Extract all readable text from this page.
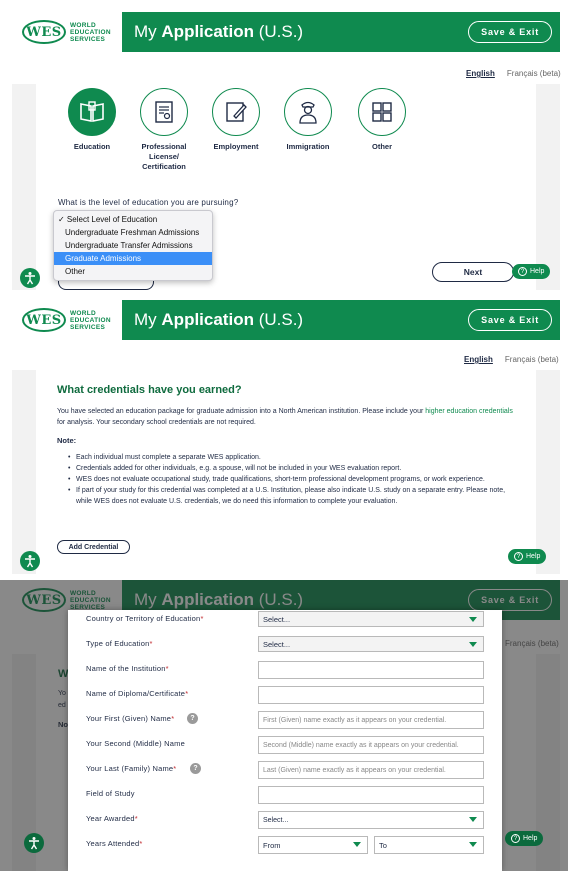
WES	WORLD
EDUCATION
SERVICES	My Application (U.S.)	Save & Exit
English Français (beta)
Education	Professional License/ Certification
Employment	Immigration	Other
What is the level of education you are pursuing?
✓ Select Level of Education
Undergraduate Freshman Admissions
Undergraduate Transfer Admissions
Graduate Admissions
Other	Next	? Help
WES	WORLD
EDUCATION
SERVICES	My Application (U.S.)	Save & Exit
English Français (beta)
What credentials have you earned?
You have selected an education package for graduate admission into a North American institution. Please include your higher education credentials for analysis. Your secondary school credentials are not required.
Note:
• Each individual must complete a separate WES application.
• Credentials added for other individuals, e.g. a spouse, will not be included in your WES evaluation report.
• WES does not evaluate occupational study, trade qualifications, short-term professional development programs, or work experience.
• If part of your study for this credential was completed at a U.S. Institution, please also indicate U.S. study on a separate entry. Please note, while WES does not evaluate U.S. credentials, we do need this information to complete your evaluation.
Add Credential
? Help
? Help
Country or Territory of Education*	Select...
Type of Education*	Select...
Name of the Institution*
Name of Diploma/Certificate*
Your First (Given) Name*	?	First (Given) name exactly as it appears on your credential.
Your Second (Middle) Name	Second (Middle) name exactly as it appears on your credential.
Your Last (Family) Name*	?	Last (Given) name exactly as it appears on your credential.
Field of Study
Year Awarded*	Select...
Years Attended*	From	To
